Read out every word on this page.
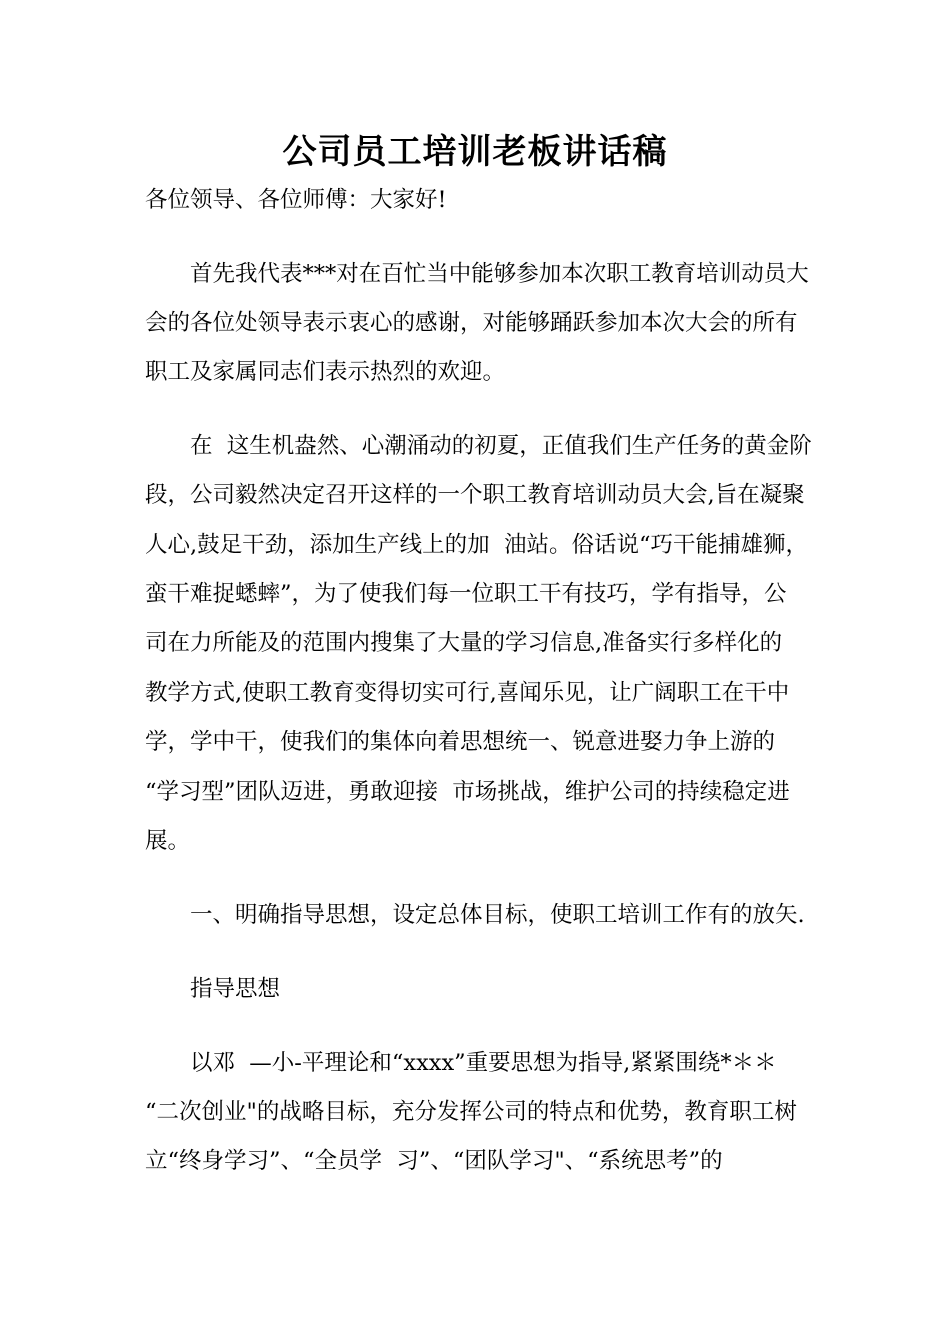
公司员工培训老板讲话稿
各位领导、各位师傅：大家好!
　　首先我代表***对在百忙当中能够参加本次职工教育培训动员大
会的各位处领导表示衷心的感谢，对能够踊跃参加本次大会的所有
职工及家属同志们表示热烈的欢迎。
　　在  这生机盎然、心潮涌动的初夏，正值我们生产任务的黄金阶
段，公司毅然决定召开这样的一个职工教育培训动员大会,旨在凝聚
人心,鼓足干劲，添加生产线上的加  油站。俗话说“巧干能捕雄狮，
蛮干难捉蟋蟀”，为了使我们每一位职工干有技巧，学有指导，公
司在力所能及的范围内搜集了大量的学习信息,准备实行多样化的
教学方式,使职工教育变得切实可行,喜闻乐见，让广阔职工在干中
学，学中干，使我们的集体向着思想统一、锐意进娶力争上游的
“学习型”团队迈进，勇敢迎接  市场挑战，维护公司的持续稳定进
展。
　　一、明确指导思想，设定总体目标，使职工培训工作有的放矢.
　　指导思想
　　以邓  —小-平理论和“xxxx”重要思想为指导,紧紧围绕*＊＊
“二次创业"的战略目标，充分发挥公司的特点和优势，教育职工树
立“终身学习”、“全员学  习”、“团队学习"、“系统思考”的
